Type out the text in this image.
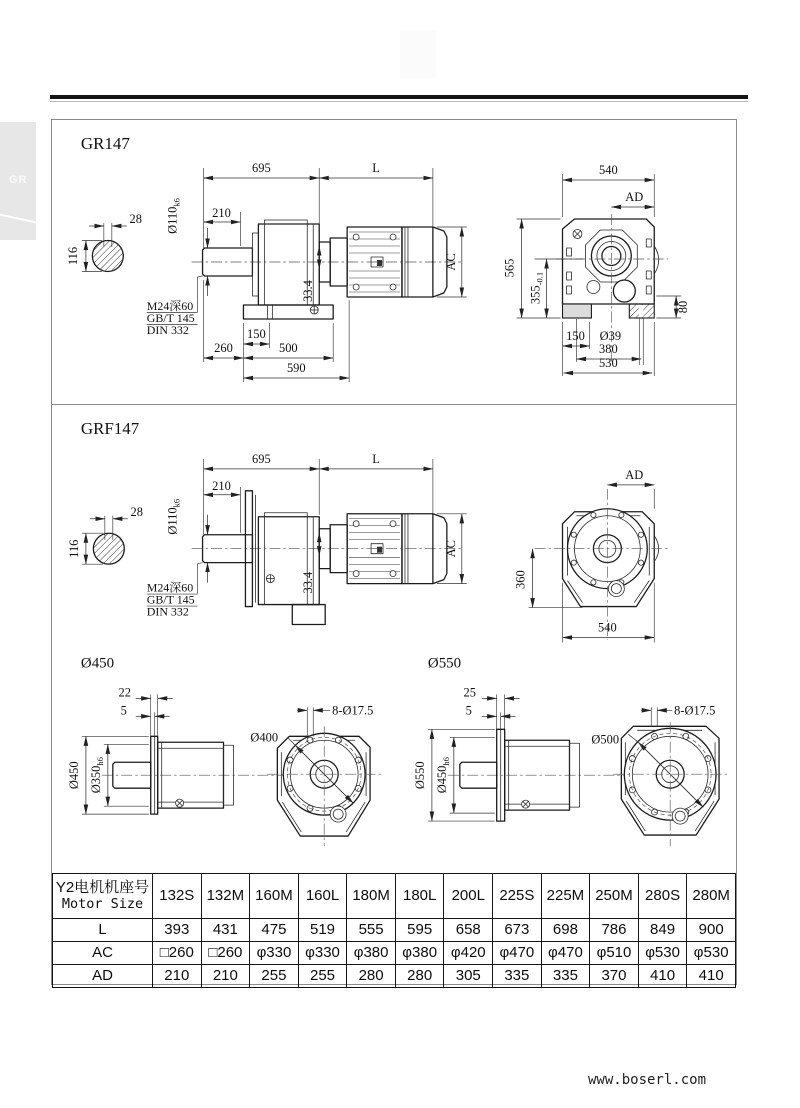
GR
GR147
28
116
695	L
210
$Ø110_{k6}$
33.4
M24深60
GB/T 145
DIN 332	150
260	500
590
AC
540
AD
565
$355_{-0.1}$
80
150 Ø39
380
530
GRF147
28
116
695	L
210
$Ø110_{k6}$
33.4
M24深60
GB/T 145
DIN 332
AC
AD
360
540
Ø450
22
5
Ø450 $Ø350_{h6}$
Ø400
8-Ø17.5
Ø550
25
5
Ø550 $Ø450_{h6}$
Ø500
8-Ø17.5
Y2电机机座号
Motor Size	132S	132M	160M	160L	180M	180L	200L	225S	225M	250M	280S	280M
L	393	431	475	519	555	595	658	673	698	786	849	900
AC	□260	□260	φ330	φ330	φ380	φ380	φ420	φ470	φ470	φ510	φ530	φ530
AD	210	210	255	255	280	280	305	335	335	370	410	410
www.boserl.com
